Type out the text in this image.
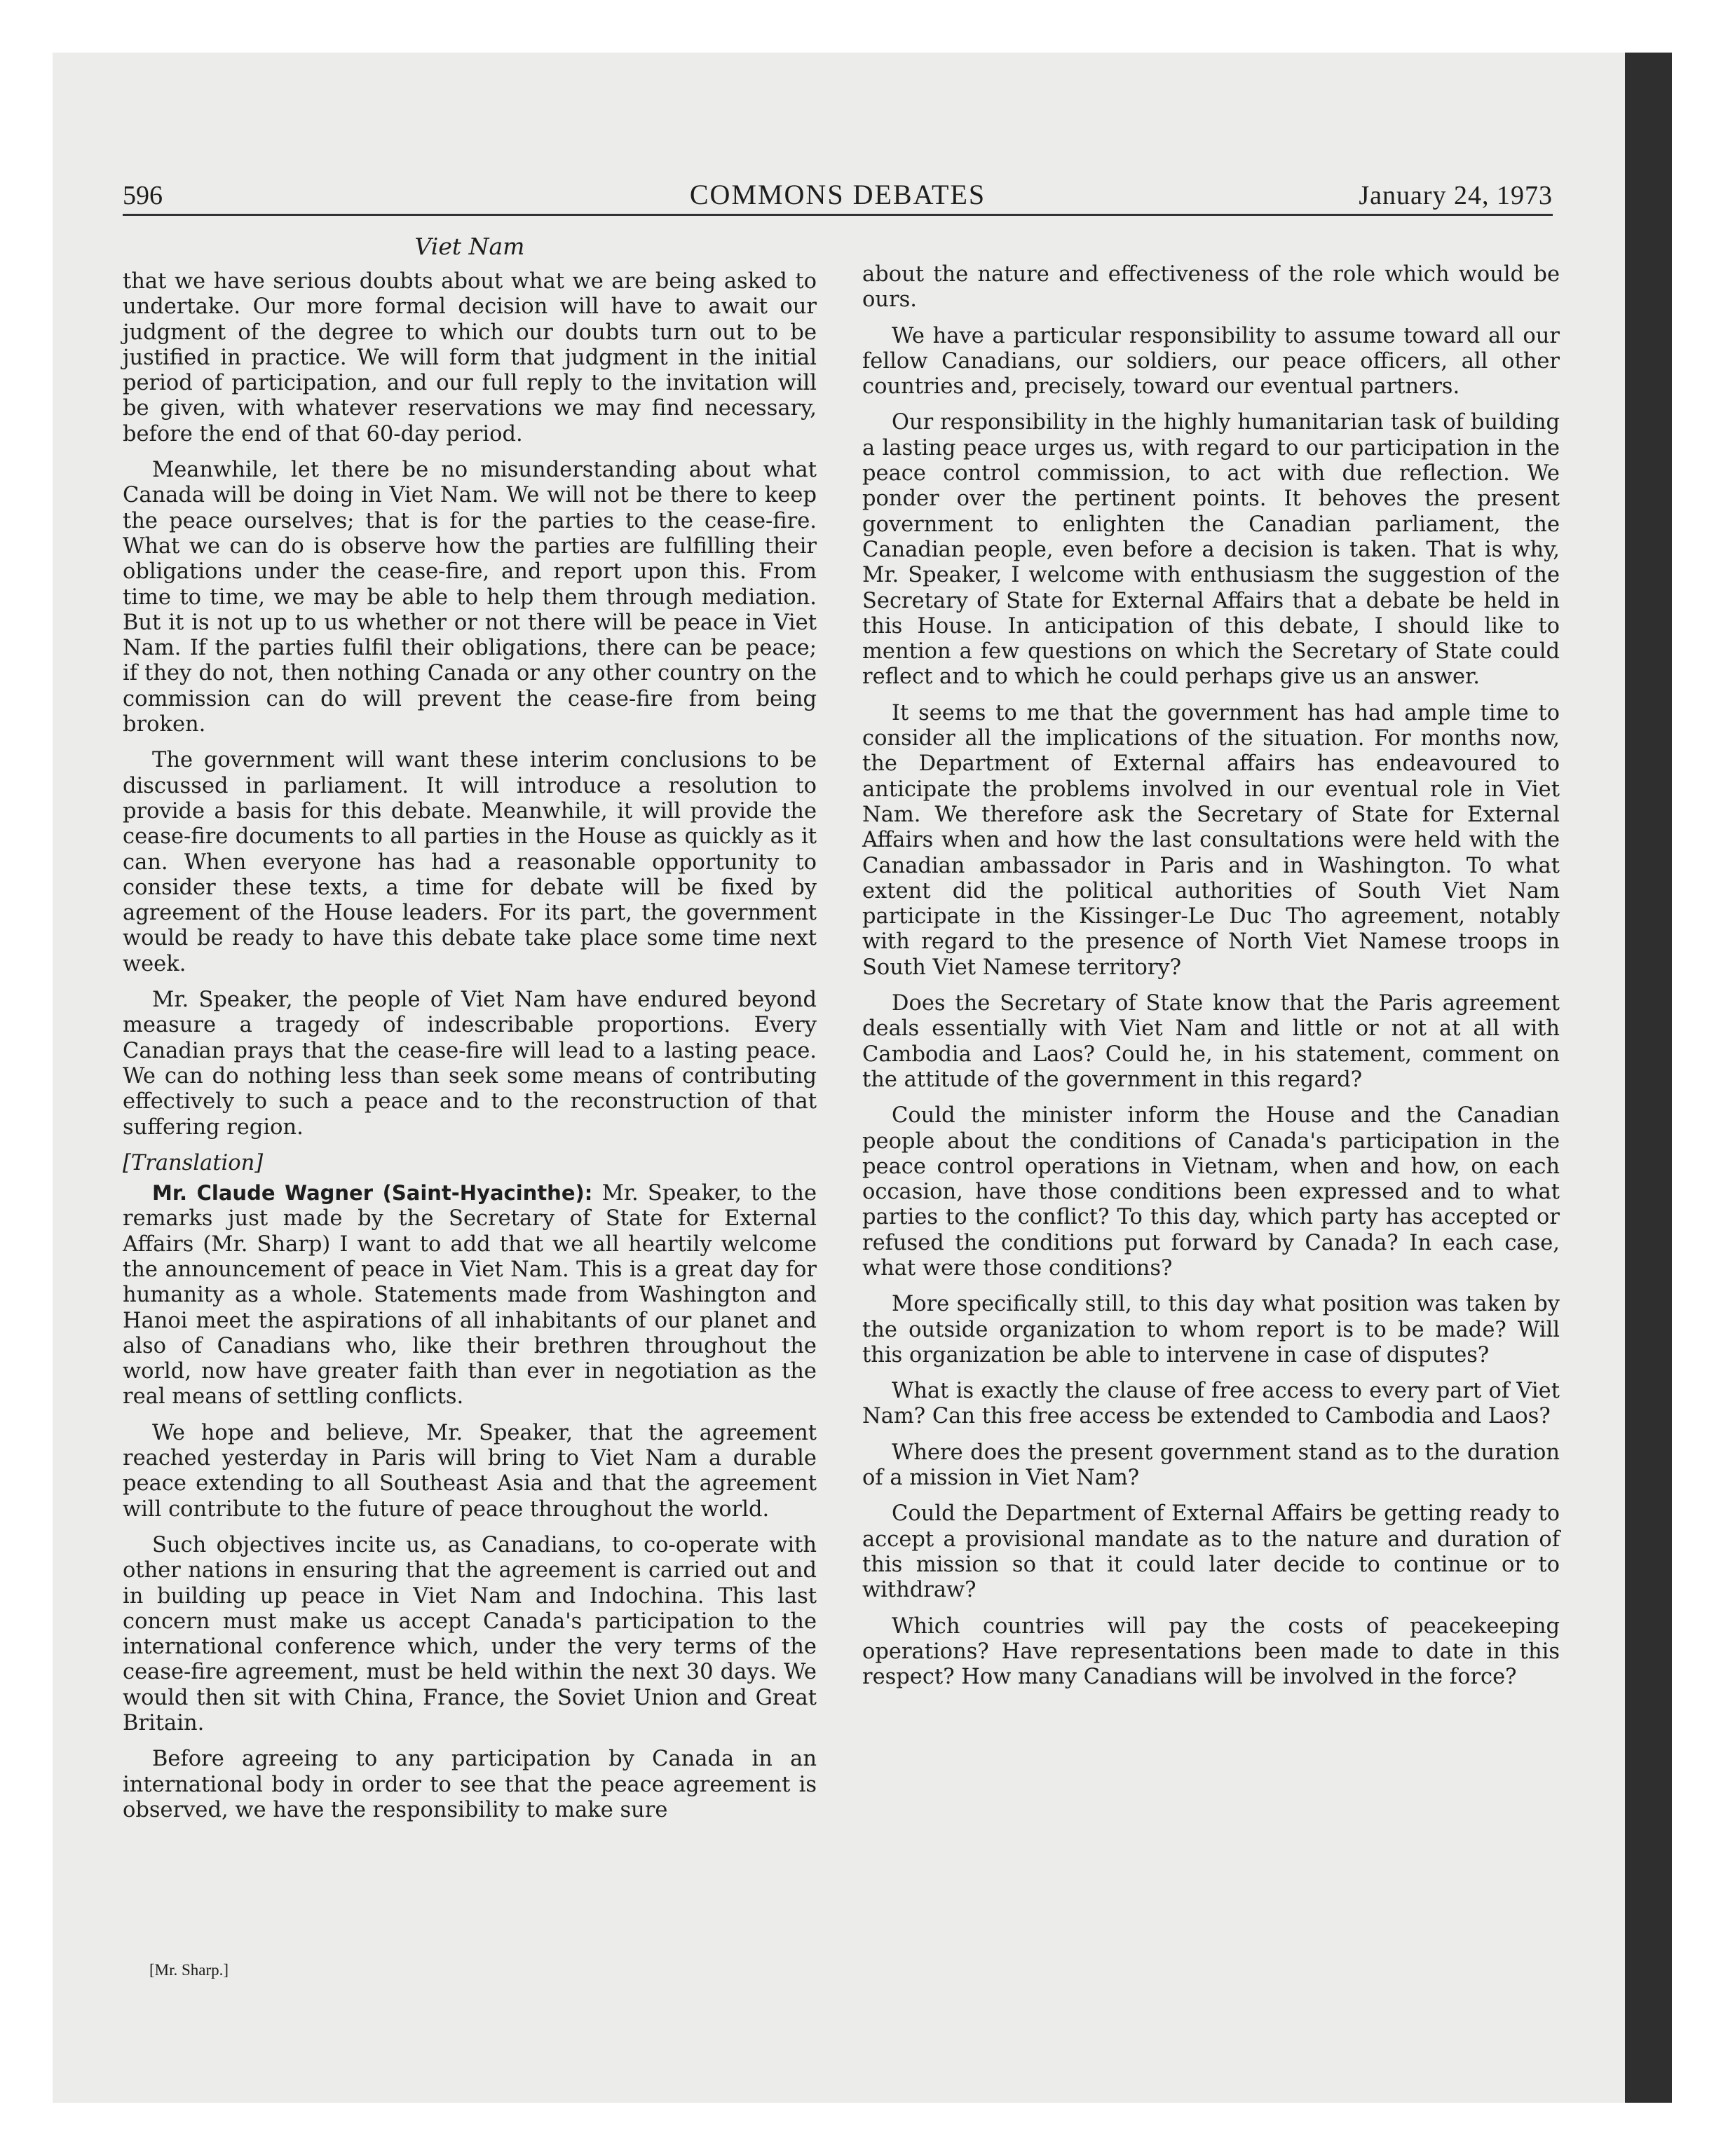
596	COMMONS DEBATES	January 24, 1973
Viet Nam

that we have serious doubts about what we are being asked to undertake. Our more formal decision will have to await our judgment of the degree to which our doubts turn out to be justified in practice. We will form that judgment in the initial period of participation, and our full reply to the invitation will be given, with whatever reservations we may find necessary, before the end of that 60-day period.

Meanwhile, let there be no misunderstanding about what Canada will be doing in Viet Nam. We will not be there to keep the peace ourselves; that is for the parties to the cease-fire. What we can do is observe how the parties are fulfilling their obligations under the cease-fire, and report upon this. From time to time, we may be able to help them through mediation. But it is not up to us whether or not there will be peace in Viet Nam. If the parties fulfil their obligations, there can be peace; if they do not, then nothing Canada or any other country on the commission can do will prevent the cease-fire from being broken.

The government will want these interim conclusions to be discussed in parliament. It will introduce a resolution to provide a basis for this debate. Meanwhile, it will provide the cease-fire documents to all parties in the House as quickly as it can. When everyone has had a reasonable opportunity to consider these texts, a time for debate will be fixed by agreement of the House leaders. For its part, the government would be ready to have this debate take place some time next week.

Mr. Speaker, the people of Viet Nam have endured beyond measure a tragedy of indescribable proportions. Every Canadian prays that the cease-fire will lead to a lasting peace. We can do nothing less than seek some means of contributing effectively to such a peace and to the reconstruction of that suffering region.

[Translation]

Mr. Claude Wagner (Saint-Hyacinthe): Mr. Speaker, to the remarks just made by the Secretary of State for External Affairs (Mr. Sharp) I want to add that we all heartily welcome the announcement of peace in Viet Nam. This is a great day for humanity as a whole. Statements made from Washington and Hanoi meet the aspirations of all inhabitants of our planet and also of Canadians who, like their brethren throughout the world, now have greater faith than ever in negotiation as the real means of settling conflicts.

We hope and believe, Mr. Speaker, that the agreement reached yesterday in Paris will bring to Viet Nam a durable peace extending to all Southeast Asia and that the agreement will contribute to the future of peace throughout the world.

Such objectives incite us, as Canadians, to co-operate with other nations in ensuring that the agreement is carried out and in building up peace in Viet Nam and Indochina. This last concern must make us accept Canada's participation to the international conference which, under the very terms of the cease-fire agreement, must be held within the next 30 days. We would then sit with China, France, the Soviet Union and Great Britain.

Before agreeing to any participation by Canada in an international body in order to see that the peace agreement is observed, we have the responsibility to make sure

[Mr. Sharp.]

about the nature and effectiveness of the role which would be ours.

We have a particular responsibility to assume toward all our fellow Canadians, our soldiers, our peace officers, all other countries and, precisely, toward our eventual partners.

Our responsibility in the highly humanitarian task of building a lasting peace urges us, with regard to our participation in the peace control commission, to act with due reflection. We ponder over the pertinent points. It behoves the present government to enlighten the Canadian parliament, the Canadian people, even before a decision is taken. That is why, Mr. Speaker, I welcome with enthusiasm the suggestion of the Secretary of State for External Affairs that a debate be held in this House. In anticipation of this debate, I should like to mention a few questions on which the Secretary of State could reflect and to which he could perhaps give us an answer.

It seems to me that the government has had ample time to consider all the implications of the situation. For months now, the Department of External affairs has endeavoured to anticipate the problems involved in our eventual role in Viet Nam. We therefore ask the Secretary of State for External Affairs when and how the last consultations were held with the Canadian ambassador in Paris and in Washington. To what extent did the political authorities of South Viet Nam participate in the Kissinger-Le Duc Tho agreement, notably with regard to the presence of North Viet Namese troops in South Viet Namese territory?

Does the Secretary of State know that the Paris agreement deals essentially with Viet Nam and little or not at all with Cambodia and Laos? Could he, in his statement, comment on the attitude of the government in this regard?

Could the minister inform the House and the Canadian people about the conditions of Canada's participation in the peace control operations in Vietnam, when and how, on each occasion, have those conditions been expressed and to what parties to the conflict? To this day, which party has accepted or refused the conditions put forward by Canada? In each case, what were those conditions?

More specifically still, to this day what position was taken by the outside organization to whom report is to be made? Will this organization be able to intervene in case of disputes?

What is exactly the clause of free access to every part of Viet Nam? Can this free access be extended to Cambodia and Laos?

Where does the present government stand as to the duration of a mission in Viet Nam?

Could the Department of External Affairs be getting ready to accept a provisional mandate as to the nature and duration of this mission so that it could later decide to continue or to withdraw?

Which countries will pay the costs of peacekeeping operations? Have representations been made to date in this respect? How many Canadians will be involved in the force?
